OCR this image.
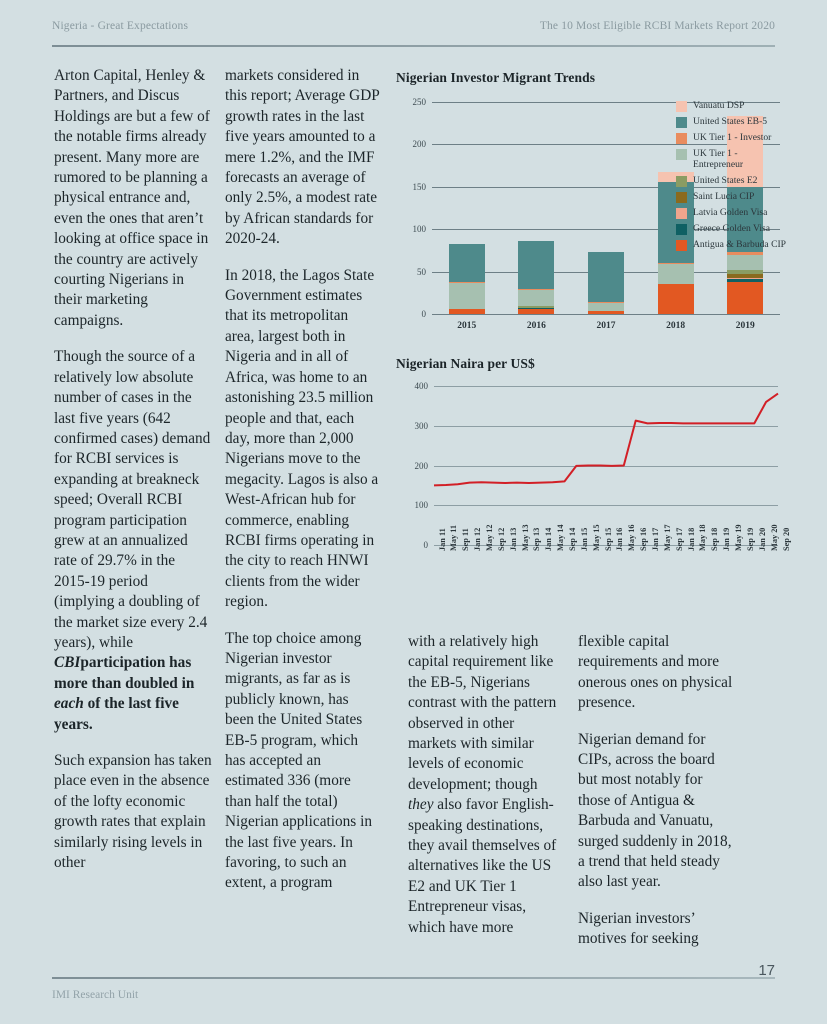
Nigeria - Great Expectations	The 10 Most Eligible RCBI Markets Report 2020

Arton Capital, Henley & Partners, and Discus Holdings are but a few of the notable firms already present. Many more are rumored to be planning a physical entrance and, even the ones that aren’t looking at office space in the country are actively courting Nigerians in their marketing campaigns.

Though the source of a relatively low absolute number of cases in the last five years (642 confirmed cases) demand for RCBI services is expanding at breakneck speed; Overall RCBI program participation grew at an annualized rate of 29.7% in the 2015-19 period (implying a doubling of the market size every 2.4 years), while CBIparticipation has more than doubled in each of the last five years.

Such expansion has taken place even in the absence of the lofty economic growth rates that explain similarly rising levels in other

markets considered in this report; Average GDP growth rates in the last five years amounted to a mere 1.2%, and the IMF forecasts an average of only 2.5%, a modest rate by African standards for 2020-24.

In 2018, the Lagos State Government estimates that its metropolitan area, largest both in Nigeria and in all of Africa, was home to an astonishing 23.5 million people and that, each day, more than 2,000 Nigerians move to the megacity. Lagos is also a West-African hub for commerce, enabling RCBI firms operating in the city to reach HNWI clients from the wider region.

The top choice among Nigerian investor migrants, as far as is publicly known, has been the United States EB-5 program, which has accepted an estimated 336 (more than half the total) Nigerian applications in the last five years. In favoring, to such an extent, a program

with a relatively high capital requirement like the EB-5, Nigerians contrast with the pattern observed in other markets with similar levels of economic development; though they also favor English-speaking destinations, they avail themselves of alternatives like the US E2 and UK Tier 1 Entrepreneur visas, which have more

flexible capital requirements and more onerous ones on physical presence.

Nigerian demand for CIPs, across the board but most notably for those of Antigua & Barbuda and Vanuatu, surged suddenly in 2018, a trend that held steady also last year.

Nigerian investors’ motives for seeking

Nigerian Investor Migrant Trends
0
50
100
150
200
250
2015	2016	2017	2018	2019
Vanuatu DSP
United States EB-5
UK Tier 1 - Investor
UK Tier 1 - Entrepreneur
United States E2
Saint Lucia CIP
Latvia Golden Visa
Greece Golden Visa
Antigua & Barbuda CIP
Nigerian Naira per US$
0
100
200
300
400
Jan 11 May 11 Sep 11 Jan 12 May 12 Sep 12 Jan 13 May 13 Sep 13 Jan 14 May 14 Sep 14 Jan 15 May 15 Sep 15 Jan 16 May 16 Sep 16 Jan 17 May 17 Sep 17 Jan 18 May 18 Sep 18 Jan 19 May 19 Sep 19 Jan 20 May 20 Sep 20
IMI Research Unit
17
